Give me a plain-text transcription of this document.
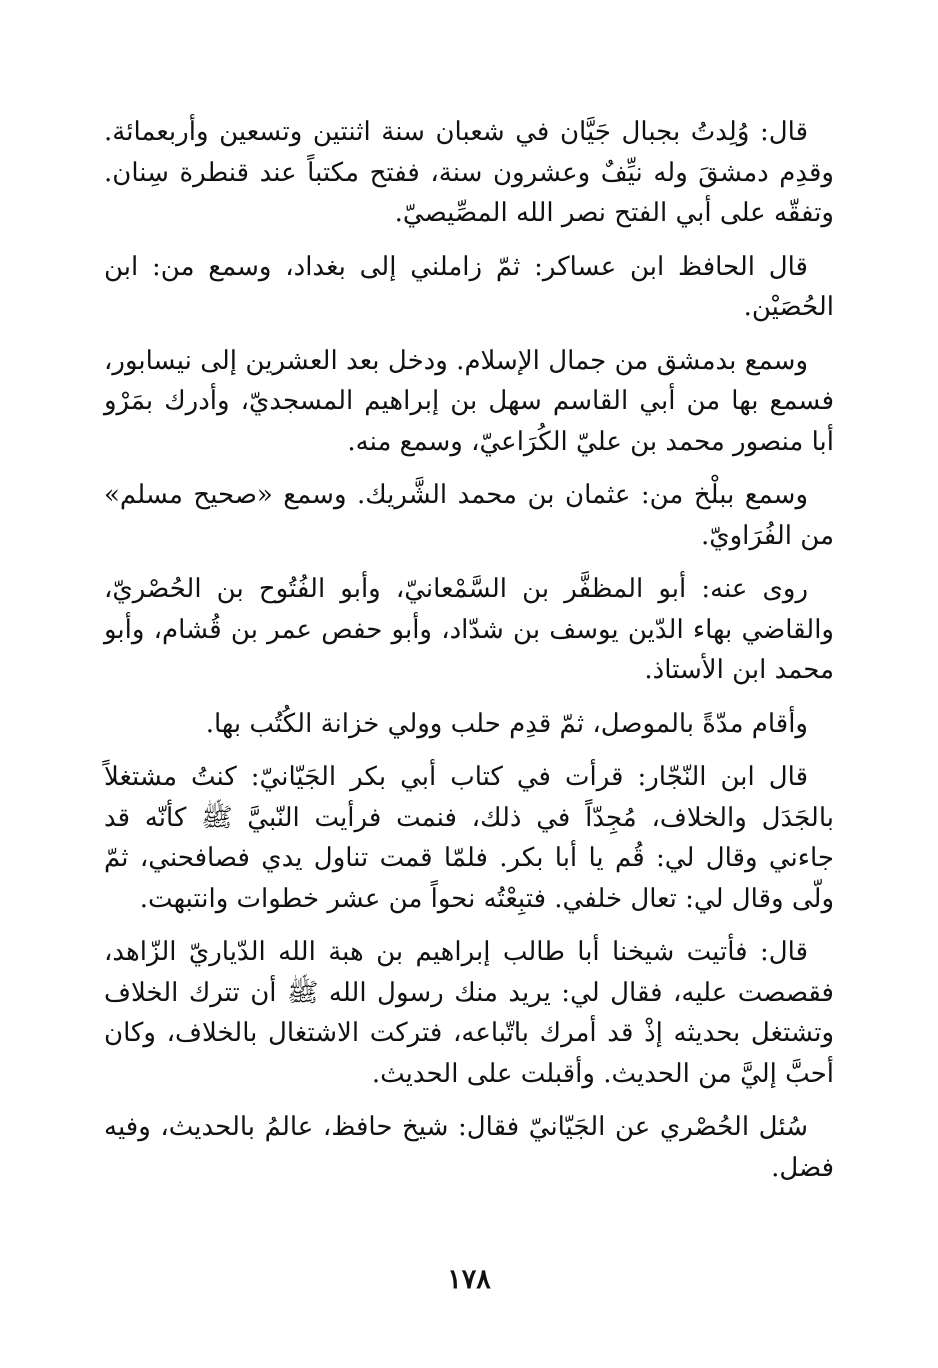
قال: وُلِدتُ بجبال جَيَّان في شعبان سنة اثنتين وتسعين وأربعمائة. وقدِم دمشقَ وله نيِّفٌ وعشرون سنة، ففتح مكتباً عند قنطرة سِنان. وتفقّه على أبي الفتح نصر الله المصِّيصيّ.

قال الحافظ ابن عساكر: ثمّ زاملني إلى بغداد، وسمع من: ابن الحُصَيْن.

وسمع بدمشق من جمال الإسلام. ودخل بعد العشرين إلى نيسابور، فسمع بها من أبي القاسم سهل بن إبراهيم المسجديّ، وأدرك بمَرْو أبا منصور محمد بن عليّ الكُرَاعيّ، وسمع منه.

وسمع ببلْخ من: عثمان بن محمد الشَّريك. وسمع «صحيح مسلم» من الفُرَاويّ.

روى عنه: أبو المظفَّر بن السَّمْعانيّ، وأبو الفُتُوح بن الحُصْريّ، والقاضي بهاء الدّين يوسف بن شدّاد، وأبو حفص عمر بن قُشام، وأبو محمد ابن الأستاذ.

وأقام مدّةً بالموصل، ثمّ قدِم حلب وولي خزانة الكُتُب بها.

قال ابن النّجّار: قرأت في كتاب أبي بكر الجَيّانيّ: كنتُ مشتغلاً بالجَدَل والخلاف، مُجِدّاً في ذلك، فنمت فرأيت النّبيَّ ﷺ كأنّه قد جاءني وقال لي: قُم يا أبا بكر. فلمّا قمت تناول يدي فصافحني، ثمّ ولّى وقال لي: تعال خلفي. فتبِعْتُه نحواً من عشر خطوات وانتبهت.

قال: فأتيت شيخنا أبا طالب إبراهيم بن هبة الله الدّياريّ الزّاهد، فقصصت عليه، فقال لي: يريد منك رسول الله ﷺ أن تترك الخلاف وتشتغل بحديثه إذْ قد أمرك باتّباعه، فتركت الاشتغال بالخلاف، وكان أحبَّ إليَّ من الحديث. وأقبلت على الحديث.

سُئل الحُصْري عن الجَيّانيّ فقال: شيخ حافظ، عالمُ بالحديث، وفيه فضل.

١٧٨
